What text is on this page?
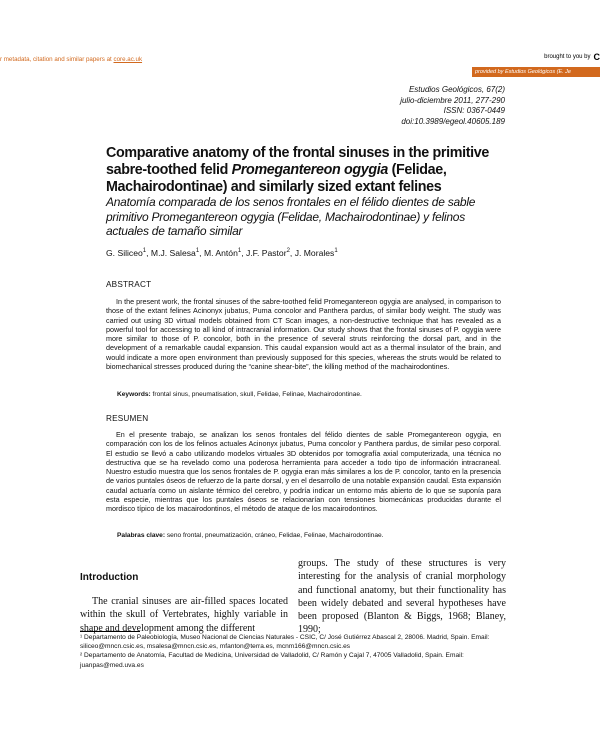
r metadata, citation and similar papers at core.ac.uk	brought to you by C
provided by Estudios Geológicos (E. Je
Estudios Geológicos, 67(2)
julio-diciembre 2011, 277-290
ISSN: 0367-0449
doi:10.3989/egeol.40605.189
Comparative anatomy of the frontal sinuses in the primitive sabre-toothed felid Promegantereon ogygia (Felidae, Machairodontinae) and similarly sized extant felines
Anatomía comparada de los senos frontales en el félido dientes de sable primitivo Promegantereon ogygia (Felidae, Machairodontinae) y felinos actuales de tamaño similar
G. Siliceo$^1$, M.J. Salesa$^1$, M. Antón$^1$, J.F. Pastor$^2$, J. Morales$^1$
ABSTRACT
In the present work, the frontal sinuses of the sabre-toothed felid Promegantereon ogygia are analysed, in comparison to those of the extant felines Acinonyx jubatus, Puma concolor and Panthera pardus, of similar body weight. The study was carried out using 3D virtual models obtained from CT Scan images, a non-destructive technique that has revealed as a powerful tool for accessing to all kind of intracranial information. Our study shows that the frontal sinuses of P. ogygia were more similar to those of P. concolor, both in the presence of several struts reinforcing the dorsal part, and in the development of a remarkable caudal expansion. This caudal expansion would act as a thermal insulator of the brain, and would indicate a more open environment than previously supposed for this species, whereas the struts would be related to biomechanical stresses produced during the “canine shear-bite”, the killing method of the machairodontines.
Keywords: frontal sinus, pneumatisation, skull, Felidae, Felinae, Machairodontinae.
RESUMEN
En el presente trabajo, se analizan los senos frontales del félido dientes de sable Promegantereon ogygia, en comparación con los de los felinos actuales Acinonyx jubatus, Puma concolor y Panthera pardus, de similar peso corporal. El estudio se llevó a cabo utilizando modelos virtuales 3D obtenidos por tomografía axial computerizada, una técnica no destructiva que se ha revelado como una poderosa herramienta para acceder a todo tipo de información intracraneal. Nuestro estudio muestra que los senos frontales de P. ogygia eran más similares a los de P. concolor, tanto en la presencia de varios puntales óseos de refuerzo de la parte dorsal, y en el desarrollo de una notable expansión caudal. Esta expansión caudal actuaría como un aislante térmico del cerebro, y podría indicar un entorno más abierto de lo que se suponía para esta especie, mientras que los puntales óseos se relacionarían con tensiones biomecánicas producidas durante el mordisco típico de los macairodontinos, el método de ataque de los macairodontinos.
Palabras clave: seno frontal, pneumatización, cráneo, Felidae, Felinae, Machairodontinae.
Introduction
The cranial sinuses are air-filled spaces located within the skull of Vertebrates, highly variable in shape and development among the different
groups. The study of these structures is very interesting for the analysis of cranial morphology and functional anatomy, but their functionality has been widely debated and several hypotheses have been proposed (Blanton & Biggs, 1968; Blaney, 1990;

¹ Departamento de Paleobiología, Museo Nacional de Ciencias Naturales - CSIC, C/ José Gutiérrez Abascal 2, 28006. Madrid, Spain. Email: siliceo@mncn.csic.es, msalesa@mncn.csic.es, mfanton@terra.es, mcnm166@mncn.csic.es

² Departamento de Anatomía, Facultad de Medicina, Universidad de Valladolid, C/ Ramón y Cajal 7, 47005 Valladolid, Spain. Email: juanpas@med.uva.es
